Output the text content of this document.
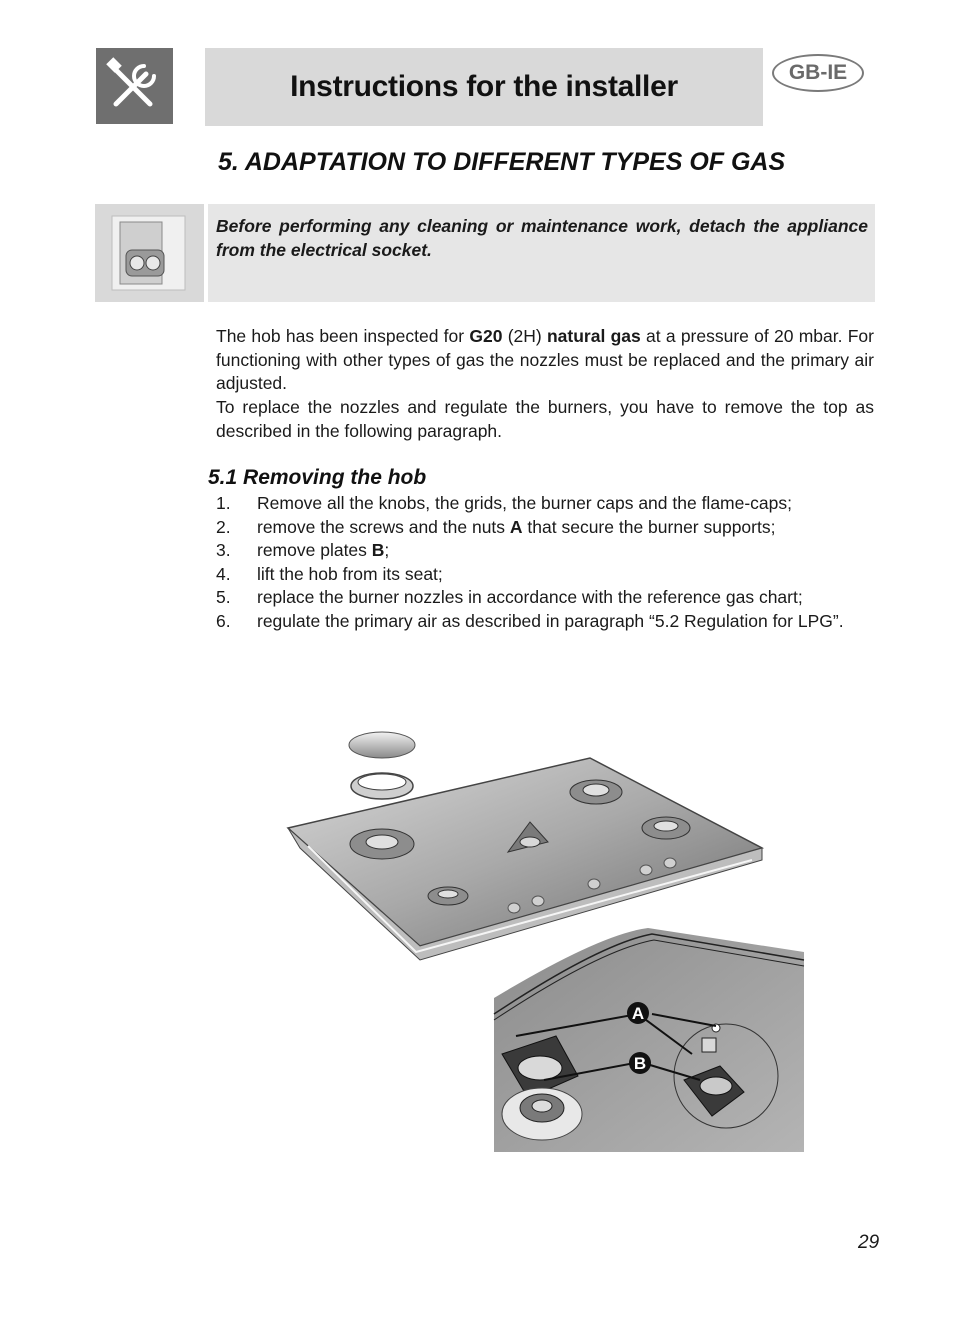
Instructions for the installer	GB-IE
5. ADAPTATION TO DIFFERENT TYPES OF GAS
Before performing any cleaning or maintenance work, detach the appliance from the electrical socket.
The hob has been inspected for G20 (2H) natural gas at a pressure of 20 mbar. For functioning with other types of gas the nozzles must be replaced and the primary air adjusted.
To replace the nozzles and regulate the burners, you have to remove the top as described in the following paragraph.
5.1 Removing the hob
1.	Remove all the knobs, the grids, the burner caps and the flame-caps;
2.	remove the screws and the nuts A that secure the burner supports;
3.	remove plates B;
4.	lift the hob from its seat;
5.	replace the burner nozzles in accordance with the reference gas chart;
6.	regulate the primary air as described in paragraph “5.2 Regulation for LPG”.
A
B
29
